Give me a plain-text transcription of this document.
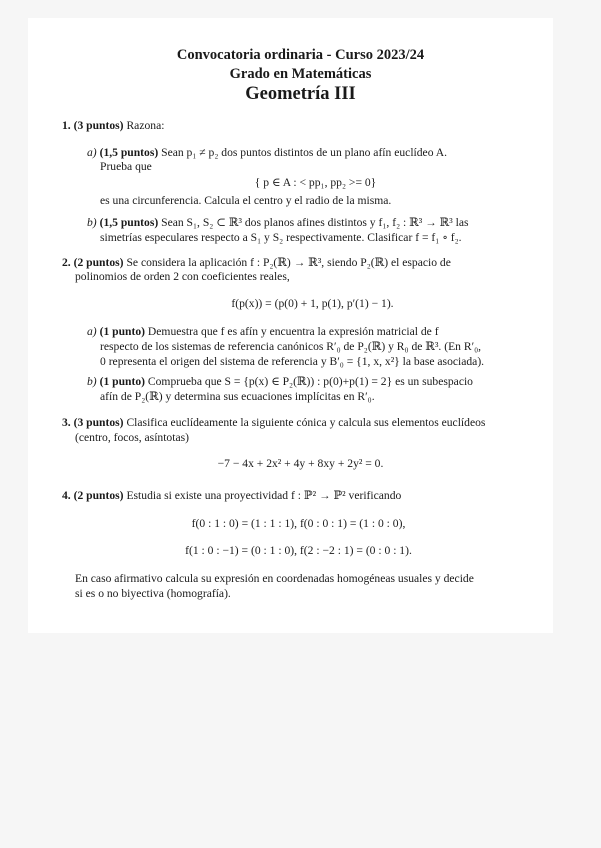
Convocatoria ordinaria - Curso 2023/24
Grado en Matemáticas
Geometría III
1. (3 puntos) Razona:
a) (1,5 puntos) Sean p₁ ≠ p₂ dos puntos distintos de un plano afín euclídeo A.
Prueba que
{ p ∈ A : < pp₁, pp₂ >= 0}
es una circunferencia. Calcula el centro y el radio de la misma.
b) (1,5 puntos) Sean S₁, S₂ ⊂ ℝ³ dos planos afines distintos y f₁, f₂ : ℝ³ → ℝ³ las
simetrías especulares respecto a S₁ y S₂ respectivamente. Clasificar f = f₁ ∘ f₂.
2. (2 puntos) Se considera la aplicación f : P₂(ℝ) → ℝ³, siendo P₂(ℝ) el espacio de
polinomios de orden 2 con coeficientes reales,
f(p(x)) = (p(0) + 1, p(1), p′(1) − 1).
a) (1 punto) Demuestra que f es afín y encuentra la expresión matricial de f
respecto de los sistemas de referencia canónicos R′₀ de P₂(ℝ) y R₀ de ℝ³. (En R′₀,
0 representa el origen del sistema de referencia y B′₀ = {1, x, x²} la base asociada).
b) (1 punto) Comprueba que S = {p(x) ∈ P₂(ℝ)) : p(0)+p(1) = 2} es un subespacio
afín de P₂(ℝ) y determina sus ecuaciones implícitas en R′₀.
3. (3 puntos) Clasifica euclídeamente la siguiente cónica y calcula sus elementos euclídeos
(centro, focos, asíntotas)
−7 − 4x + 2x² + 4y + 8xy + 2y² = 0.
4. (2 puntos) Estudia si existe una proyectividad f : ℙ² → ℙ² verificando
f(0 : 1 : 0) = (1 : 1 : 1), f(0 : 0 : 1) = (1 : 0 : 0),
f(1 : 0 : −1) = (0 : 1 : 0), f(2 : −2 : 1) = (0 : 0 : 1).
En caso afirmativo calcula su expresión en coordenadas homogéneas usuales y decide
si es o no biyectiva (homografía).
